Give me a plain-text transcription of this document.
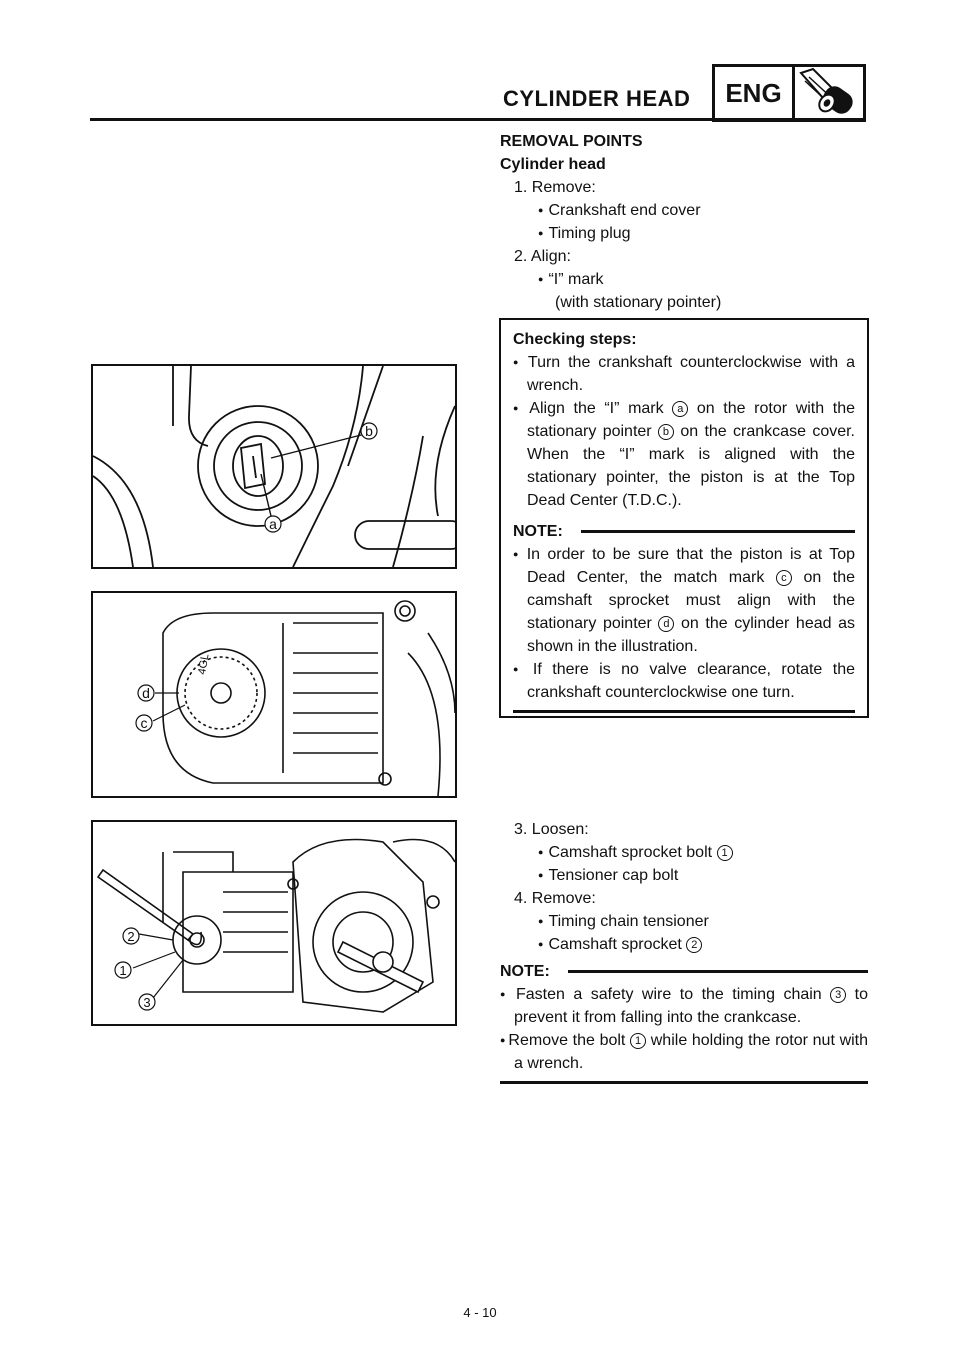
CYLINDER HEAD	ENG
REMOVAL POINTS
Cylinder head
1. Remove:
● Crankshaft end cover
● Timing plug
2. Align:
● “I” mark
(with stationary pointer)
Checking steps:
● Turn the crankshaft counterclockwise with a wrench.
● Align the “I” mark a on the rotor with the stationary pointer b on the crankcase cover. When the “I” mark is aligned with the stationary pointer, the piston is at the Top Dead Center (T.D.C.).
NOTE:
● In order to be sure that the piston is at Top Dead Center, the match mark c on the camshaft sprocket must align with the stationary pointer d on the cylinder head as shown in the illustration.
● If there is no valve clearance, rotate the crankshaft counterclockwise one turn.
3. Loosen:
● Camshaft sprocket bolt 1
● Tensioner cap bolt
4. Remove:
● Timing chain tensioner
● Camshaft sprocket 2
NOTE:
● Fasten a safety wire to the timing chain 3 to prevent it from falling into the crankcase.
● Remove the bolt 1 while holding the rotor nut with a wrench.
b
a
4GL
d
c
2
1
3
4 - 10
